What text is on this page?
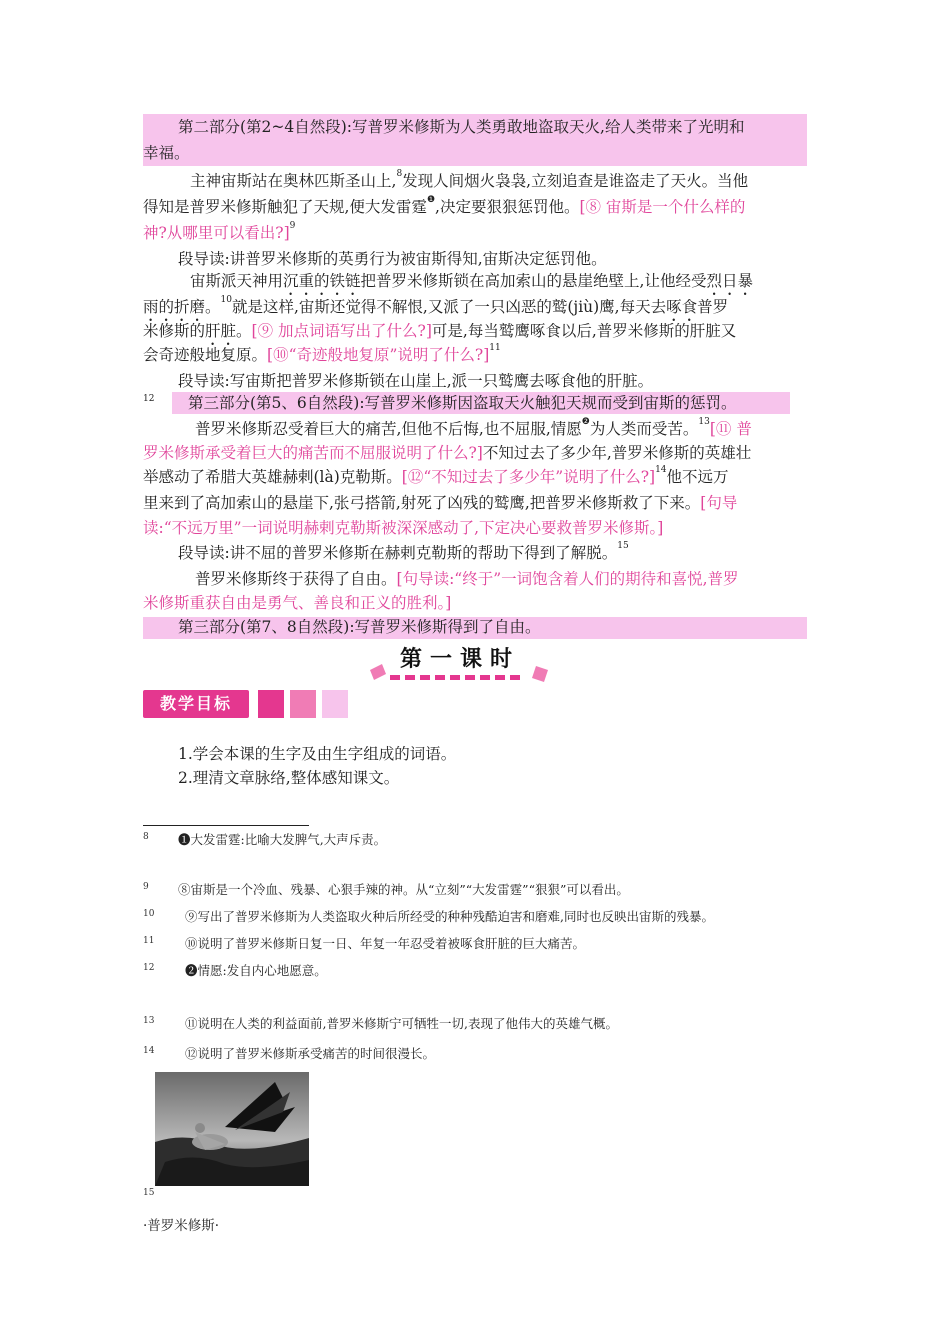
第二部分(第2~4自然段):写普罗米修斯为人类勇敢地盗取天火,给人类带来了光明和
幸福。
主神宙斯站在奥林匹斯圣山上,$^8$发现人间烟火袅袅,立刻追查是谁盗走了天火。当他
得知是普罗米修斯触犯了天规,便大发雷霆$^❶$,决定要狠狠惩罚他。[⑧ 宙斯是一个什么样的
神?从哪里可以看出?]$^9$
段导读:讲普罗米修斯的英勇行为被宙斯得知,宙斯决定惩罚他。
宙斯派天神用沉重的铁链把普罗米修斯锁在高加索山的悬崖绝壁上,让他经受烈日暴
雨的折磨。$^{10}$就是这样,宙斯还觉得不解恨,又派了一只凶恶的鹫(jiù)鹰,每天去啄食普罗
米修斯的肝脏。[⑨ 加点词语写出了什么?]可是,每当鹫鹰啄食以后,普罗米修斯的肝脏又
会奇迹般地复原。[⑩“奇迹般地复原”说明了什么?]$^{11}$
段导读:写宙斯把普罗米修斯锁在山崖上,派一只鹫鹰去啄食他的肝脏。
12 第三部分(第5、6自然段):写普罗米修斯因盗取天火触犯天规而受到宙斯的惩罚。
普罗米修斯忍受着巨大的痛苦,但他不后悔,也不屈服,情愿$^❷$为人类而受苦。$^{13}$[⑪ 普
罗米修斯承受着巨大的痛苦而不屈服说明了什么?]不知过去了多少年,普罗米修斯的英雄壮
举感动了希腊大英雄赫剌(là)克勒斯。[⑫“不知过去了多少年”说明了什么?]$^{14}$他不远万
里来到了高加索山的悬崖下,张弓搭箭,射死了凶残的鹫鹰,把普罗米修斯救了下来。[句导
读:“不远万里”一词说明赫剌克勒斯被深深感动了,下定决心要救普罗米修斯。]
段导读:讲不屈的普罗米修斯在赫剌克勒斯的帮助下得到了解脱。$^{15}$
普罗米修斯终于获得了自由。[句导读:“终于”一词饱含着人们的期待和喜悦,普罗
米修斯重获自由是勇气、善良和正义的胜利。]
第三部分(第7、8自然段):写普罗米修斯得到了自由。
第一课时
教学目标
1.学会本课的生字及由生字组成的词语。
2.理清文章脉络,整体感知课文。
8 ❶大发雷霆:比喻大发脾气,大声斥责。
9 ⑧宙斯是一个冷血、残暴、心狠手辣的神。从“立刻”“大发雷霆”“狠狠”可以看出。
10 ⑨写出了普罗米修斯为人类盗取火种后所经受的种种残酷迫害和磨难,同时也反映出宙斯的残暴。
11 ⑩说明了普罗米修斯日复一日、年复一年忍受着被啄食肝脏的巨大痛苦。
12 ❷情愿:发自内心地愿意。
13 ⑪说明在人类的利益面前,普罗米修斯宁可牺牲一切,表现了他伟大的英雄气概。
14 ⑫说明了普罗米修斯承受痛苦的时间很漫长。
15
·普罗米修斯·
